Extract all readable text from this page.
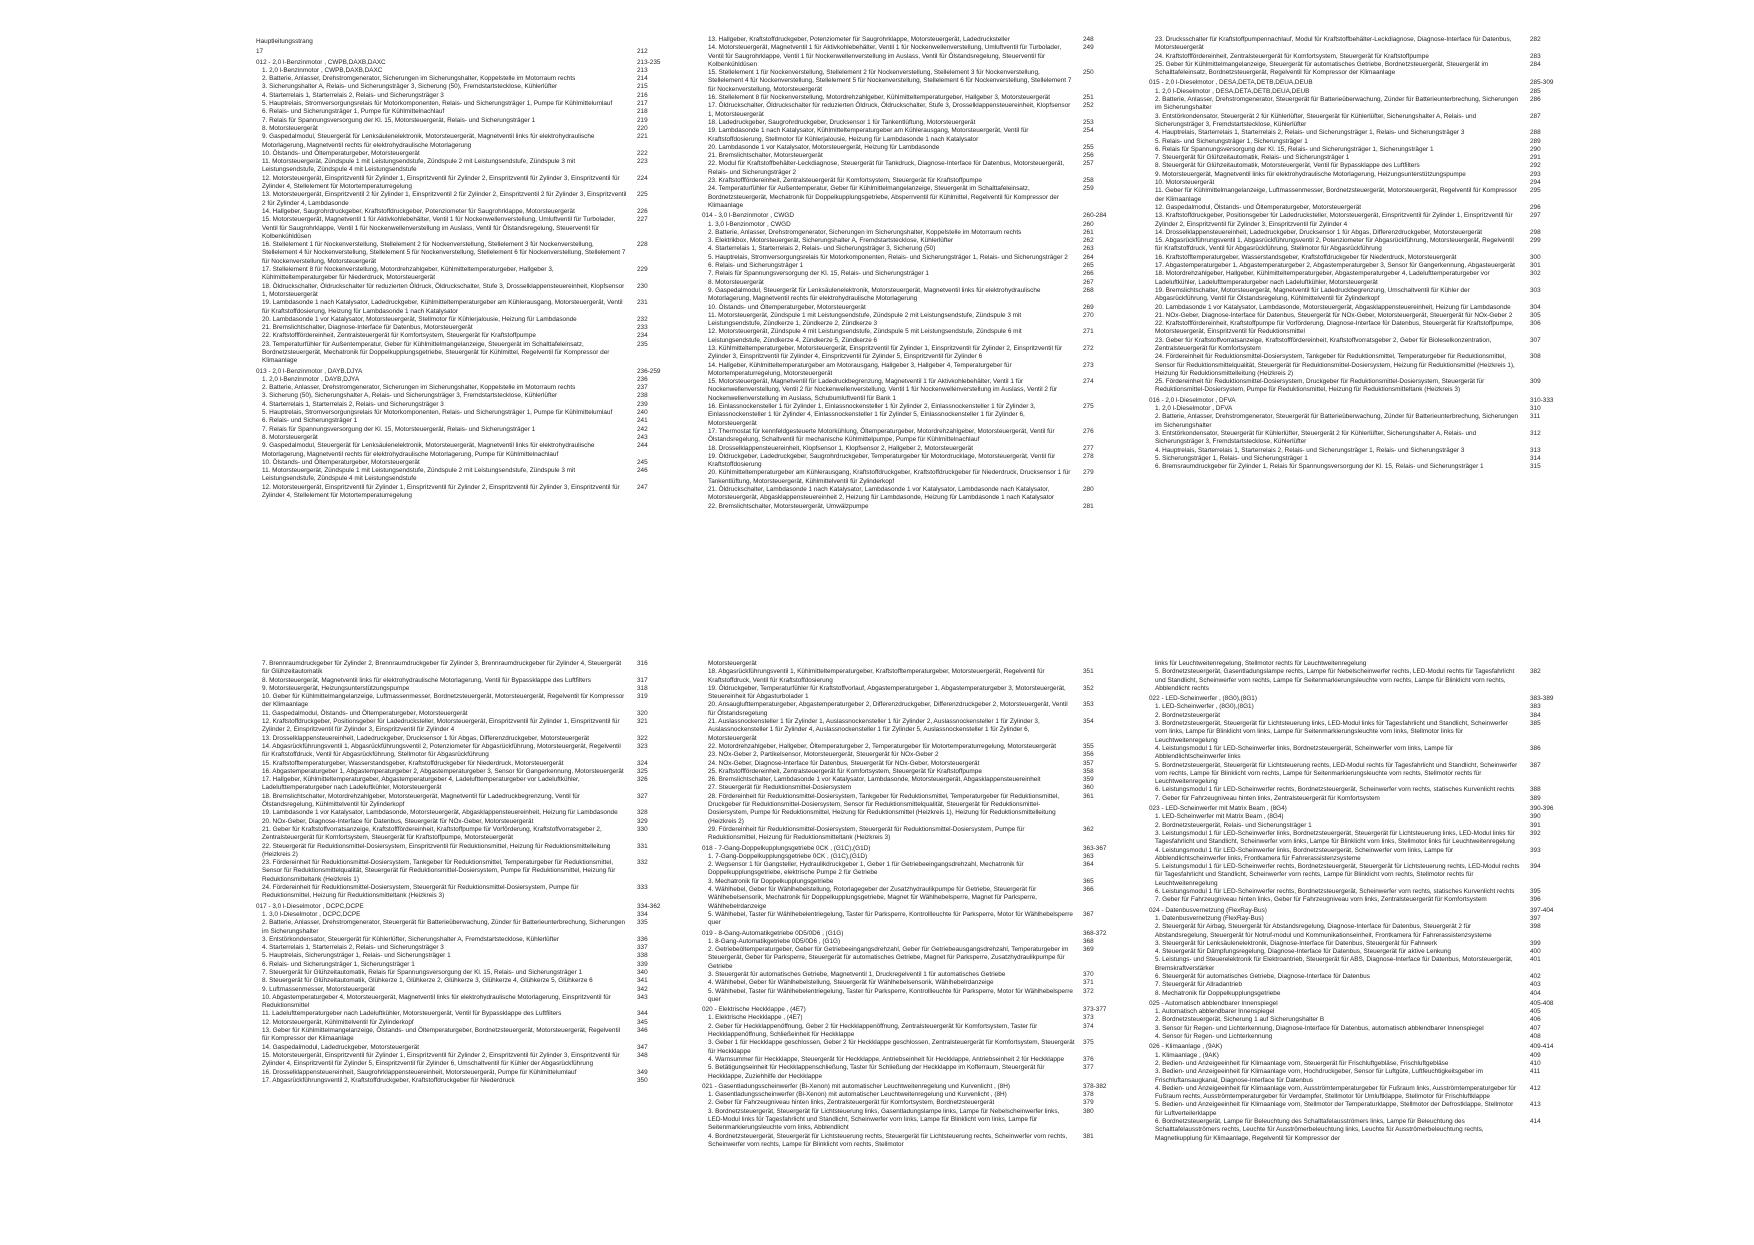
Hauptleitungsstrang
17	212
012 - 2,0 l-Benzinmotor , CWPB,DAXB,DAXC	213-235
1. 2,0 l-Benzinmotor , CWPB,DAXB,DAXC	213
2. Batterie, Anlasser, Drehstromgenerator, Sicherungen im Sicherungshalter, Koppelstelle im Motorraum rechts	214
3. Sicherungshalter A, Relais- und Sicherungsträger 3, Sicherung (50), Fremdstartstecklose, Kühlerlüfter	215
4. Starterrelais 1, Starterrelais 2, Relais- und Sicherungsträger 3	216
5. Hauptrelais, Stromversorgungsrelais für Motorkomponenten, Relais- und Sicherungsträger 1, Pumpe für Kühlmittelumlauf	217
6. Relais- und Sicherungsträger 1, Pumpe für Kühlmittelnachlauf	218
7. Relais für Spannungsversorgung der Kl. 15, Motorsteuergerät, Relais- und Sicherungsträger 1	219
8. Motorsteuergerät	220
9. Gaspedalmodul, Steuergerät für Lenksäulenelektronik, Motorsteuergerät, Magnetventil links für elektrohydraulische Motorlagerung, Magnetventil rechts für elektrohydraulische Motorlagerung
221
10. Ölstands- und Öltemperaturgeber, Motorsteuergerät	222
11. Motorsteuergerät, Zündspule 1 mit Leistungsendstufe, Zündspule 2 mit Leistungsendstufe, Zündspule 3 mit Leistungsendstufe, Zündspule 4 mit Leistungsendstufe
223
12. Motorsteuergerät, Einspritzventil für Zylinder 1, Einspritzventil für Zylinder 2, Einspritzventil für Zylinder 3, Einspritzventil für Zylinder 4, Stellelement für Motortemperaturregelung
224
13. Motorsteuergerät, Einspritzventil 2 für Zylinder 1, Einspritzventil 2 für Zylinder 2, Einspritzventil 2 für Zylinder 3, Einspritzventil 2 für Zylinder 4, Lambdasonde
225
14. Hallgeber, Saugrohrdruckgeber, Kraftstoffdruckgeber, Potenziometer für Saugrohrklappe, Motorsteuergerät	226
15. Motorsteuergerät, Magnetventil 1 für Aktivkohlebehälter, Ventil 1 für Nockenwellenverstellung, Umluftventil für Turbolader, Ventil für Saugrohrklappe, Ventil 1 für Nockenwellenverstellung im Auslass, Ventil für Ölstandsregelung, Steuerventil für Kolbenkühldüsen
227
16. Stellelement 1 für Nockenverstellung, Stellelement 2 für Nockenverstellung, Stellelement 3 für Nockenverstellung, Stellelement 4 für Nockenverstellung, Stellelement 5 für Nockenverstellung, Stellelement 6 für Nockenverstellung, Stellelement 7 für Nockenverstellung, Motorsteuergerät
228
17. Stellelement 8 für Nockenverstellung, Motordrehzahlgeber, Kühlmitteltemperaturgeber, Hallgeber 3, Kühlmitteltemperaturgeber für Niederdruck, Motorsteuergerät
229
18. Öldruckschalter, Öldruckschalter für reduzierten Öldruck, Öldruckschalter, Stufe 3, Drosselklappensteuereinheit, Klopfsensor 1, Motorsteuergerät
230
19. Lambdasonde 1 nach Katalysator, Ladedruckgeber, Kühlmitteltemperaturgeber am Kühlerausgang, Motorsteuergerät, Ventil für Kraftstoffdosierung, Heizung für Lambdasonde 1 nach Katalysator
231
20. Lambdasonde 1 vor Katalysator, Motorsteuergerät, Stellmotor für Kühlerjalousie, Heizung für Lambdasonde	232
21. Bremslichtschalter, Diagnose-Interface für Datenbus, Motorsteuergerät	233
22. Kraftstofffördereinheit, Zentralsteuergerät für Komfortsystem, Steuergerät für Kraftstoffpumpe	234
23. Temperaturfühler für Außentemperatur, Geber für Kühlmittelmangelanzeige, Steuergerät im Schalttafeleinsatz, Bordnetzsteuergerät, Mechatronik für Doppelkupplungsgetriebe, Steuergerät für Kühlmittel, Regelventil für Kompressor der Klimaanlage
235
013 - 2,0 l-Benzinmotor , DAYB,DJYA	236-259
1. 2,0 l-Benzinmotor , DAYB,DJYA	236
2. Batterie, Anlasser, Drehstromgenerator, Sicherungen im Sicherungshalter, Koppelstelle im Motorraum rechts	237
3. Sicherung (50), Sicherungshalter A, Relais- und Sicherungsträger 3, Fremdstartstecklose, Kühlerlüfter	238
4. Starterrelais 1, Starterrelais 2, Relais- und Sicherungsträger 3	239
5. Hauptrelais, Stromversorgungsrelais für Motorkomponenten, Relais- und Sicherungsträger 1, Pumpe für Kühlmittelumlauf	240
6. Relais- und Sicherungsträger 1	241
7. Relais für Spannungsversorgung der Kl. 15, Motorsteuergerät, Relais- und Sicherungsträger 1	242
8. Motorsteuergerät	243
9. Gaspedalmodul, Steuergerät für Lenksäulenelektronik, Motorsteuergerät, Magnetventil links für elektrohydraulische Motorlagerung, Magnetventil rechts für elektrohydraulische Motorlagerung, Pumpe für Kühlmittelnachlauf
244
10. Ölstands- und Öltemperaturgeber, Motorsteuergerät	245
11. Motorsteuergerät, Zündspule 1 mit Leistungsendstufe, Zündspule 2 mit Leistungsendstufe, Zündspule 3 mit Leistungsendstufe, Zündspule 4 mit Leistungsendstufe
246
12. Motorsteuergerät, Einspritzventil für Zylinder 1, Einspritzventil für Zylinder 2, Einspritzventil für Zylinder 3, Einspritzventil für Zylinder 4, Stellelement für Motortemperaturregelung
247
13. Hallgeber, Kraftstoffdruckgeber, Potenziometer für Saugrohrklappe, Motorsteuergerät, Ladedrucksteller	248
14. Motorsteuergerät, Magnetventil 1 für Aktivkohlebehälter, Ventil 1 für Nockenwellenverstellung, Umluftventil für Turbolader, Ventil für Saugrohrklappe, Ventil 1 für Nockenwellenverstellung im Auslass, Ventil für Ölstandsregelung, Steuerventil für Kolbenkühldüsen
249
15. Stellelement 1 für Nockenverstellung, Stellelement 2 für Nockenverstellung, Stellelement 3 für Nockenverstellung, Stellelement 4 für Nockenverstellung, Stellelement 5 für Nockenverstellung, Stellelement 6 für Nockenverstellung, Stellelement 7 für Nockenverstellung, Motorsteuergerät
250
16. Stellelement 8 für Nockenverstellung, Motordrehzahlgeber, Kühlmitteltemperaturgeber, Hallgeber 3, Motorsteuergerät	251
17. Öldruckschalter, Öldruckschalter für reduzierten Öldruck, Öldruckschalter, Stufe 3, Drosselklappensteuereinheit, Klopfsensor 1, Motorsteuergerät
252
18. Ladedruckgeber, Saugrohrdruckgeber, Drucksensor 1 für Tankentlüftung, Motorsteuergerät	253
19. Lambdasonde 1 nach Katalysator, Kühlmitteltemperaturgeber am Kühlerausgang, Motorsteuergerät, Ventil für Kraftstoffdosierung, Stellmotor für Kühlerjalousie, Heizung für Lambdasonde 1 nach Katalysator
254
20. Lambdasonde 1 vor Katalysator, Motorsteuergerät, Heizung für Lambdasonde	255
21. Bremslichtschalter, Motorsteuergerät	256
22. Modul für Kraftstoffbehälter-Leckdiagnose, Steuergerät für Tankdruck, Diagnose-Interface für Datenbus, Motorsteuergerät, Relais- und Sicherungsträger 2
257
23. Kraftstofffördereinheit, Zentralsteuergerät für Komfortsystem, Steuergerät für Kraftstoffpumpe	258
24. Temperaturfühler für Außentemperatur, Geber für Kühlmittelmangelanzeige, Steuergerät im Schalttafeleinsatz, Bordnetzsteuergerät, Mechatronik für Doppelkupplungsgetriebe, Absperrventil für Kühlmittel, Regelventil für Kompressor der Klimaanlage
259
014 - 3,0 l-Benzinmotor , CWGD	260-284
1. 3,0 l-Benzinmotor , CWGD	260
2. Batterie, Anlasser, Drehstromgenerator, Sicherungen im Sicherungshalter, Koppelstelle im Motorraum rechts	261
3. Elektrikbox, Motorsteuergerät, Sicherungshalter A, Fremdstartstecklose, Kühlerlüfter	262
4. Starterrelais 1, Starterrelais 2, Relais- und Sicherungsträger 3, Sicherung (50)	263
5. Hauptrelais, Stromversorgungsrelais für Motorkomponenten, Relais- und Sicherungsträger 1, Relais- und Sicherungsträger 2	264
6. Relais- und Sicherungsträger 1	265
7. Relais für Spannungsversorgung der Kl. 15, Relais- und Sicherungsträger 1	266
8. Motorsteuergerät	267
9. Gaspedalmodul, Steuergerät für Lenksäulenelektronik, Motorsteuergerät, Magnetventil links für elektrohydraulische Motorlagerung, Magnetventil rechts für elektrohydraulische Motorlagerung
268
10. Ölstands- und Öltemperaturgeber, Motorsteuergerät	269
11. Motorsteuergerät, Zündspule 1 mit Leistungsendstufe, Zündspule 2 mit Leistungsendstufe, Zündspule 3 mit Leistungsendstufe, Zündkerze 1, Zündkerze 2, Zündkerze 3
270
12. Motorsteuergerät, Zündspule 4 mit Leistungsendstufe, Zündspule 5 mit Leistungsendstufe, Zündspule 6 mit Leistungsendstufe, Zündkerze 4, Zündkerze 5, Zündkerze 6
271
13. Kühlmitteltemperaturgeber, Motorsteuergerät, Einspritzventil für Zylinder 1, Einspritzventil für Zylinder 2, Einspritzventil für Zylinder 3, Einspritzventil für Zylinder 4, Einspritzventil für Zylinder 5, Einspritzventil für Zylinder 6
272
14. Hallgeber, Kühlmitteltemperaturgeber am Motorausgang, Hallgeber 3, Hallgeber 4, Temperaturgeber für Motortemperaturregelung, Motorsteuergerät
273
15. Motorsteuergerät, Magnetventil für Ladedruckbegrenzung, Magnetventil 1 für Aktivkohlebehälter, Ventil 1 für Nockenwellenverstellung, Ventil 2 für Nockenwellenverstellung, Ventil 1 für Nockenwellenverstellung im Auslass, Ventil 2 für Nockenwellenverstellung im Auslass, Schubumluftventil für Bank 1
274
16. Einlassnockensteller 1 für Zylinder 1, Einlassnockensteller 1 für Zylinder 2, Einlassnockensteller 1 für Zylinder 3, Einlassnockensteller 1 für Zylinder 4, Einlassnockensteller 1 für Zylinder 5, Einlassnockensteller 1 für Zylinder 6, Motorsteuergerät
275
17. Thermostat für kennfeldgesteuerte Motorkühlung, Öltemperaturgeber, Motordrehzahlgeber, Motorsteuergerät, Ventil für Ölstandsregelung, Schaltventil für mechanische Kühlmittelpumpe, Pumpe für Kühlmittelnachlauf
276
18. Drosselklappensteuereinheit, Klopfsensor 1, Klopfsensor 2, Hallgeber 2, Motorsteuergerät	277
19. Öldruckgeber, Ladedruckgeber, Saugrohrdruckgeber, Temperaturgeber für Motordrucklage, Motorsteuergerät, Ventil für Kraftstoffdosierung
278
20. Kühlmitteltemperaturgeber am Kühlerausgang, Kraftstoffdruckgeber, Kraftstoffdruckgeber für Niederdruck, Drucksensor 1 für Tankentlüftung, Motorsteuergerät, Kühlmittelventil für Zylinderkopf
279
21. Öldruckschalter, Lambdasonde 1 nach Katalysator, Lambdasonde 1 vor Katalysator, Lambdasonde nach Katalysator, Motorsteuergerät, Abgasklappensteuereinheit 2, Heizung für Lambdasonde, Heizung für Lambdasonde 1 nach Katalysator
280
22. Bremslichtschalter, Motorsteuergerät, Umwälzpumpe	281
23. Drucksschalter für Kraftstoffpumpennachlauf, Modul für Kraftstoffbehälter-Leckdiagnose, Diagnose-Interface für Datenbus, Motorsteuergerät
282
24. Kraftstofffördereinheit, Zentralsteuergerät für Komfortsystem, Steuergerät für Kraftstoffpumpe	283
25. Geber für Kühlmittelmangelanzeige, Steuergerät für automatisches Getriebe, Bordnetzsteuergerät, Steuergerät im Schalttafeleinsatz, Bordnetzsteuergerät, Regelventil für Kompressor der Klimaanlage
284
015 - 2,0 l-Dieselmotor , DESA,DETA,DETB,DEUA,DEUB	285-309
1. 2,0 l-Dieselmotor , DESA,DETA,DETB,DEUA,DEUB	285
2. Batterie, Anlasser, Drehstromgenerator, Steuergerät für Batterieüberwachung, Zünder für Batterieunterbrechung, Sicherungen im Sicherungshalter
286
3. Entstörkondensator, Steuergerät 2 für Kühlerlüfter, Steuergerät für Kühlerlüfter, Sicherungshalter A, Relais- und Sicherungsträger 3, Fremdstartstecklose, Kühlerlüfter
287
4. Hauptrelais, Starterrelais 1, Starterrelais 2, Relais- und Sicherungsträger 1, Relais- und Sicherungsträger 3	288
5. Relais- und Sicherungsträger 1, Sicherungsträger 1	289
6. Relais für Spannungsversorgung der Kl. 15, Relais- und Sicherungsträger 1, Sicherungsträger 1	290
7. Steuergerät für Glühzeitautomatik, Relais- und Sicherungsträger 1	291
8. Steuergerät für Glühzeitautomatik, Motorsteuergerät, Ventil für Bypassklappe des Luftfilters	292
9. Motorsteuergerät, Magnetventil links für elektrohydraulische Motorlagerung, Heizungsunterstützungspumpe	293
10. Motorsteuergerät	294
11. Geber für Kühlmittelmangelanzeige, Luftmassenmesser, Bordnetzsteuergerät, Motorsteuergerät, Regelventil für Kompressor der Klimaanlage
295
12. Gaspedalmodul, Ölstands- und Öltemperaturgeber, Motorsteuergerät	296
13. Kraftstoffdruckgeber, Positionsgeber für Ladedrucksteller, Motorsteuergerät, Einspritzventil für Zylinder 1, Einspritzventil für Zylinder 2, Einspritzventil für Zylinder 3, Einspritzventil für Zylinder 4
297
14. Drosselklappensteuereinheit, Ladedruckgeber, Drucksensor 1 für Abgas, Differenzdruckgeber, Motorsteuergerät	298
15. Abgasrückführungsventil 1, Abgasrückführungsventil 2, Potenziometer für Abgasrückführung, Motorsteuergerät, Regelventil für Kraftstoffdruck, Ventil für Abgasrückführung, Stellmotor für Abgasrückführung
299
16. Kraftstofftemperaturgeber, Wasserstandsgeber, Kraftstoffdruckgeber für Niederdruck, Motorsteuergerät	300
17. Abgastemperaturgeber 1, Abgastemperaturgeber 2, Abgastemperaturgeber 3, Sensor für Gangerkennung, Abgasteuergerät	301
18. Motordrehzahlgeber, Hallgeber, Kühlmitteltemperaturgeber, Abgastemperaturgeber 4, Ladelufttemperaturgeber vor Ladeluftkühler, Ladelufttemperaturgeber nach Ladeluftkühler, Motorsteuergerät
302
19. Bremslichtschalter, Motorsteuergerät, Magnetventil für Ladedruckbegrenzung, Umschaltventil für Kühler der Abgasrückführung, Ventil für Ölstandsregelung, Kühlmittelventil für Zylinderkopf
303
20. Lambdasonde 1 vor Katalysator, Lambdasonde, Motorsteuergerät, Abgasklappensteuereinheit, Heizung für Lambdasonde	304
21. NOx-Geber, Diagnose-Interface für Datenbus, Steuergerät für NOx-Geber, Motorsteuergerät, Steuergerät für NOx-Geber 2	305
22. Kraftstofffördereinheit, Kraftstoffpumpe für Vorförderung, Diagnose-Interface für Datenbus, Steuergerät für Kraftstoffpumpe, Motorsteuergerät, Einspritzventil für Reduktionsmittel
306
23. Geber für Kraftstoffvorratsanzeige, Kraftstofffördereinheit, Kraftstoffvorratsgeber 2, Geber für Bioleselkonzentration, Zentralsteuergerät für Komfortsystem
307
24. Fördereinheit für Reduktionsmittel-Dosiersystem, Tankgeber für Reduktionsmittel, Temperaturgeber für Reduktionsmittel, Sensor für Reduktionsmittelqualität, Steuergerät für Reduktionsmittel-Dosiersystem, Heizung für Reduktionsmittel (Heizkreis 1), Heizung für Reduktionsmittelleitung (Heizkreis 2)
308
25. Fördereinheit für Reduktionsmittel-Dosiersystem, Druckgeber für Reduktionsmittel-Dosiersystem, Steuergerät für Reduktionsmittel-Dosiersystem, Pumpe für Reduktionsmittel, Heizung für Reduktionsmitteltank (Heizkreis 3)
309
016 - 2,0 l-Dieselmotor , DFVA	310-333
1. 2,0 l-Dieselmotor , DFVA	310
2. Batterie, Anlasser, Drehstromgenerator, Steuergerät für Batterieüberwachung, Zünder für Batterieunterbrechung, Sicherungen im Sicherungshalter
311
3. Entstörkondensator, Steuergerät für Kühlerlüfter, Steuergerät 2 für Kühlerlüfter, Sicherungshalter A, Relais- und Sicherungsträger 3, Fremdstartstecklose, Kühlerlüfter
312
4. Hauptrelais, Starterrelais 1, Starterrelais 2, Relais- und Sicherungsträger 1, Relais- und Sicherungsträger 3	313
5. Sicherungsträger 1, Relais- und Sicherungsträger 1	314
6. Bremsraumdruckgeber für Zylinder 1, Relais für Spannungsversorgung der Kl. 15, Relais- und Sicherungsträger 1	315
7. Brennraumdruckgeber für Zylinder 2, Brennraumdruckgeber für Zylinder 3, Brennraumdruckgeber für Zylinder 4, Steuergerät für Glühzeitautomatik
316
8. Motorsteuergerät, Magnetventil links für elektrohydraulische Motorlagerung, Ventil für Bypassklappe des Luftfilters	317
9. Motorsteuergerät, Heizungsunterstützungspumpe	318
10. Geber für Kühlmittelmangelanzeige, Luftmassenmesser, Bordnetzsteuergerät, Motorsteuergerät, Regelventil für Kompressor der Klimaanlage
319
11. Gaspedalmodul, Ölstands- und Öltemperaturgeber, Motorsteuergerät	320
12. Kraftstoffdruckgeber, Positionsgeber für Ladedrucksteller, Motorsteuergerät, Einspritzventil für Zylinder 1, Einspritzventil für Zylinder 2, Einspritzventil für Zylinder 3, Einspritzventil für Zylinder 4
321
13. Drosselklappensteuereinheit, Ladedruckgeber, Drucksensor 1 für Abgas, Differenzdruckgeber, Motorsteuergerät	322
14. Abgasrückführungsventil 1, Abgasrückführungsventil 2, Potenziometer für Abgasrückführung, Motorsteuergerät, Regelventil für Kraftstoffdruck, Ventil für Abgasrückführung, Stellmotor für Abgasrückführung
323
15. Kraftstofftemperaturgeber, Wasserstandsgeber, Kraftstoffdruckgeber für Niederdruck, Motorsteuergerät	324
16. Abgastemperaturgeber 1, Abgastemperaturgeber 2, Abgastemperaturgeber 3, Sensor für Gangerkennung, Motorsteuergerät	325
17. Hallgeber, Kühlmitteltemperaturgeber, Abgastemperaturgeber 4, Ladelufttemperaturgeber vor Ladeluftkühler, Ladelufttemperaturgeber nach Ladeluftkühler, Motorsteuergerät
326
18. Bremslichtschalter, Motordrehzahlgeber, Motorsteuergerät, Magnetventil für Ladedruckbegrenzung, Ventil für Ölstandsregelung, Kühlmittelventil für Zylinderkopf
327
19. Lambdasonde 1 vor Katalysator, Lambdasonde, Motorsteuergerät, Abgasklappensteuereinheit, Heizung für Lambdasonde	328
20. NOx-Geber, Diagnose-Interface für Datenbus, Steuergerät für NOx-Geber, Motorsteuergerät	329
21. Geber für Kraftstoffvorratsanzeige, Kraftstofffördereinheit, Kraftstoffpumpe für Vorförderung, Kraftstoffvorratsgeber 2, Zentralsteuergerät für Komfortsystem, Steuergerät für Kraftstoffpumpe, Motorsteuergerät
330
22. Steuergerät für Reduktionsmittel-Dosiersystem, Einspritzventil für Reduktionsmittel, Heizung für Reduktionsmittelleitung (Heizkreis 2)
331
23. Fördereinheit für Reduktionsmittel-Dosiersystem, Tankgeber für Reduktionsmittel, Temperaturgeber für Reduktionsmittel, Sensor für Reduktionsmittelqualität, Steuergerät für Reduktionsmittel-Dosiersystem, Pumpe für Reduktionsmittel, Heizung für Reduktionsmitteltank (Heizkreis 1)
332
24. Fördereinheit für Reduktionsmittel-Dosiersystem, Steuergerät für Reduktionsmittel-Dosiersystem, Pumpe für Reduktionsmittel, Heizung für Reduktionsmitteltank (Heizkreis 3)
333
017 - 3,0 l-Dieselmotor , DCPC,DCPE	334-362
1. 3,0 l-Dieselmotor , DCPC,DCPE	334
2. Batterie, Anlasser, Drehstromgenerator, Steuergerät für Batterieüberwachung, Zünder für Batterieunterbrechung, Sicherungen im Sicherungshalter
335
3. Entstörkondensator, Steuergerät für Kühlerlüfter, Sicherungshalter A, Fremdstartstecklose, Kühlerlüfter	336
4. Starterrelais 1, Starterrelais 2, Relais- und Sicherungsträger 3	337
5. Hauptrelais, Sicherungsträger 1, Relais- und Sicherungsträger 1	338
6. Relais- und Sicherungsträger 1, Sicherungsträger 1	339
7. Steuergerät für Glühzeitautomatik, Relais für Spannungsversorgung der Kl. 15, Relais- und Sicherungsträger 1	340
8. Steuergerät für Glühzeitautomatik, Glühkerze 1, Glühkerze 2, Glühkerze 3, Glühkerze 4, Glühkerze 5, Glühkerze 6	341
9. Luftmassenmesser, Motorsteuergerät	342
10. Abgastemperaturgeber 4, Motorsteuergerät, Magnetventil links für elektrohydraulische Motorlagerung, Einspritzventil für Reduktionsmittel
343
11. Ladelufttemperaturgeber nach Ladeluftkühler, Motorsteuergerät, Ventil für Bypassklappe des Luftfilters	344
12. Motorsteuergerät, Kühlmittelventil für Zylinderkopf	345
13. Geber für Kühlmittelmangelanzeige, Ölstands- und Öltemperaturgeber, Bordnetzsteuergerät, Motorsteuergerät, Regelventil für Kompressor der Klimaanlage
346
14. Gaspedalmodul, Ladedruckgeber, Motorsteuergerät	347
15. Motorsteuergerät, Einspritzventil für Zylinder 1, Einspritzventil für Zylinder 2, Einspritzventil für Zylinder 3, Einspritzventil für Zylinder 4, Einspritzventil für Zylinder 5, Einspritzventil für Zylinder 6, Umschaltventil für Kühler der Abgasrückführung
348
16. Drosselklappensteuereinheit, Saugrohrklappensteuereinheit, Motorsteuergerät, Pumpe für Kühlmittelumlauf	349
17. Abgasrückführungsventil 2, Kraftstoffdruckgeber, Kraftstoffdruckgeber für Niederdruck	350
Motorsteuergerät
18. Abgasrückführungsventil 1, Kühlmitteltemperaturgeber, Kraftstofftemperaturgeber, Motorsteuergerät, Regelventil für Kraftstoffdruck, Ventil für Kraftstoffdosierung
351
19. Öldruckgeber, Temperaturfühler für Kraftstoffvorlauf, Abgastemperaturgeber 1, Abgastemperaturgeber 3, Motorsteuergerät, Steuereinheit für Abgasturbolader 1
352
20. Ansauglufttemperaturgeber, Abgastemperaturgeber 2, Differenzdruckgeber, Differenzdruckgeber 2, Motorsteuergerät, Ventil für Ölstandsregelung
353
21. Auslassnockensteller 1 für Zylinder 1, Auslassnockensteller 1 für Zylinder 2, Auslassnockensteller 1 für Zylinder 3, Auslassnockensteller 1 für Zylinder 4, Auslassnockensteller 1 für Zylinder 5, Auslassnockensteller 1 für Zylinder 6, Motorsteuergerät
354
22. Motordrehzahlgeber, Hallgeber, Öltemperaturgeber 2, Temperaturgeber für Motortemperaturregelung, Motorsteuergerät	355
23. NOx-Geber 2, Partikelsensor, Motorsteuergerät, Steuergerät für NOx-Geber 2	356
24. NOx-Geber, Diagnose-Interface für Datenbus, Steuergerät für NOx-Geber, Motorsteuergerät	357
25. Kraftstofffördereinheit, Zentralsteuergerät für Komfortsystem, Steuergerät für Kraftstoffpumpe	358
26. Bremslichtschalter, Lambdasonde 1 vor Katalysator, Lambdasonde, Motorsteuergerät, Abgasklappensteuereinheit	359
27. Steuergerät für Reduktionsmittel-Dosiersystem	360
28. Fördereinheit für Reduktionsmittel-Dosiersystem, Tankgeber für Reduktionsmittel, Temperaturgeber für Reduktionsmittel, Druckgeber für Reduktionsmittel-Dosiersystem, Sensor für Reduktionsmittelqualität, Steuergerät für Reduktionsmittel-Dosiersystem, Pumpe für Reduktionsmittel, Heizung für Reduktionsmittel (Heizkreis 1), Heizung für Reduktionsmittelleitung (Heizkreis 2)
361
29. Fördereinheit für Reduktionsmittel-Dosiersystem, Steuergerät für Reduktionsmittel-Dosiersystem, Pumpe für Reduktionsmittel, Heizung für Reduktionsmitteltank (Heizkreis 3)
362
018 - 7-Gang-Doppelkupplungsgetriebe 0CK , (G1C),(G1D)	363-367
1. 7-Gang-Doppelkupplungsgetriebe 0CK , (G1C),(G1D)	363
2. Wegsensor 1 für Gangsteller, Hydraulikdruckgeber 1, Geber 1 für Getriebeeingangsdrehzahl, Mechatronik für Doppelkupplungsgetriebe, elektrische Pumpe 2 für Getriebe
364
3. Mechatronik für Doppelkupplungsgetriebe	365
4. Wählhebel, Geber für Wählhebelstellung, Rotorlagegeber der Zusatzhydraulikpumpe für Getriebe, Steuergerät für Wählhebelsensorik, Mechatronik für Doppelkupplungsgetriebe, Magnet für Wählhebelsperre, Magnet für Parksperre, Wählhebelrdanzeige
366
5. Wählhebel, Taster für Wählhebelentriegelung, Taster für Parksperre, Kontrollleuchte für Parksperre, Motor für Wählhebelsperre quer
367
019 - 8-Gang-Automatikgetriebe 0D5/0D6 , (G1G)	368-372
1. 8-Gang-Automatikgetriebe 0D5/0D6 , (G1G)	368
2. Getriebeöltemperaturgeber, Geber für Getriebeeingangsdrehzahl, Geber für Getriebeausgangsdrehzahl, Temperaturgeber im Steuergerät, Geber für Parksperre, Steuergerät für automatisches Getriebe, Magnet für Parksperre, Zusatzhydraulikpumpe für Getriebe
369
3. Steuergerät für automatisches Getriebe, Magnetventil 1, Druckregelventil 1 für automatisches Getriebe	370
4. Wählhebel, Geber für Wählhebelstellung, Steuergerät für Wählhebelsensorik, Wählhebelrdanzeige	371
5. Wählhebel, Taster für Wählhebelentriegelung, Taster für Parksperre, Kontrollleuchte für Parksperre, Motor für Wählhebelsperre quer
372
020 - Elektrische Heckklappe , (4E7)	373-377
1. Elektrische Heckklappe , (4E7)	373
2. Geber für Heckklappenöffnung, Geber 2 für Heckklappenöffnung, Zentralsteuergerät für Komfortsystem, Taster für Heckklappenöffnung, Schließeinheit für Heckklappe
374
3. Geber 1 für Heckklappe geschlossen, Geber 2 für Heckklappe geschlossen, Zentralsteuergerät für Komfortsystem, Steuergerät für Heckklappe
375
4. Warnsummer für Heckklappe, Steuergerät für Heckklappe, Antriebseinheit für Heckklappe, Antriebseinheit 2 für Heckklappe	376
5. Betätigungseinheit für Heckklappenschließung, Taster für Schließung der Heckklappe im Kofferraum, Steuergerät für Heckklappe, Zuziehhilfe der Heckklappe
377
021 - Gasentladungsscheinwerfer (Bi-Xenon) mit automatischer Leuchtweitenregelung und Kurvenlicht , (8H)	378-382
1. Gasentladungsscheinwerfer (Bi-Xenon) mit automatischer Leuchtweitenregelung und Kurvenlicht , (8H)	378
2. Geber für Fahrzeugniveau hinten links, Zentralsteuergerät für Komfortsystem, Bordnetzsteuergerät	379
3. Bordnetzsteuergerät, Steuergerät für Lichtsteuerung links, Gasentladungslampe links, Lampe für Nebelscheinwerfer links, LED-Modul links für Tagesfahrlicht und Standlicht, Scheinwerfer vorn links, Lampe für Blinklicht vorn links, Lampe für Seitenmarkierungsleuchte vorn links, Abblendlicht
380
4. Bordnetzsteuergerät, Steuergerät für Lichtsteuerung rechts, Steuergerät für Lichtsteuerung rechts, Scheinwerfer vorn rechts, Scheinwerfer vorn rechts, Lampe für Blinklicht vorn rechts, Stellmotor
381
links für Leuchtweitenregelung, Stellmotor rechts für Leuchtweitenregelung
5. Bordnetzsteuergerät, Gasentladungslampe rechts, Lampe für Nebelscheinwerfer rechts, LED-Modul rechts für Tagesfahrlicht und Standlicht, Scheinwerfer vorn rechts, Lampe für Seitenmarkierungsleuchte vorn rechts, Lampe für Blinklicht vorn rechts, Abblendlicht rechts
382
022 - LED-Scheinwerfer , (8G0),(8G1)	383-389
1. LED-Scheinwerfer , (8G0),(8G1)	383
2. Bordnetzsteuergerät	384
3. Bordnetzsteuergerät, Steuergerät für Lichtsteuerung links, LED-Modul links für Tagesfahrlicht und Standlicht, Scheinwerfer vorn links, Lampe für Blinklicht vorn links, Lampe für Seitenmarkierungsleuchte vorn links, Stellmotor links für Leuchtweitenregelung
385
4. Leistungsmodul 1 für LED-Scheinwerfer links, Bordnetzsteuergerät, Scheinwerfer vorn links, Lampe für Abblendlichtscheinwerfer links
386
5. Bordnetzsteuergerät, Steuergerät für Lichtsteuerung rechts, LED-Modul rechts für Tagesfahrlicht und Standlicht, Scheinwerfer vorn rechts, Lampe für Blinklicht vorn rechts, Lampe für Seitenmarkierungsleuchte vorn rechts, Stellmotor rechts für Leuchtweitenregelung
387
6. Leistungsmodul 1 für LED-Scheinwerfer rechts, Bordnetzsteuergerät, Scheinwerfer vorn rechts, statisches Kurvenlicht rechts	388
7. Geber für Fahrzeugniveau hinten links, Zentralsteuergerät für Komfortsystem	389
023 - LED-Scheinwerfer mit Matrix Beam , (8G4)	390-396
1. LED-Scheinwerfer mit Matrix Beam , (8G4)	390
2. Bordnetzsteuergerät, Relais- und Sicherungsträger 1	391
3. Leistungsmodul 1 für LED-Scheinwerfer links, Bordnetzsteuergerät, Steuergerät für Lichtsteuerung links, LED-Modul links für Tagesfahrlicht und Standlicht, Scheinwerfer vorn links, Lampe für Blinklicht vorn links, Stellmotor links für Leuchtweitenregelung
392
4. Leistungsmodul 1 für LED-Scheinwerfer links, Bordnetzsteuergerät, Scheinwerfer vorn links, Lampe für Abblendlichtscheinwerfer links, Frontkamera für Fahrerassistenzsysteme
393
5. Leistungsmodul 1 für LED-Scheinwerfer rechts, Bordnetzsteuergerät, Steuergerät für Lichtsteuerung rechts, LED-Modul rechts für Tagesfahrlicht und Standlicht, Scheinwerfer vorn rechts, Lampe für Blinklicht vorn rechts, Stellmotor rechts für Leuchtweitenregelung
394
6. Leistungsmodul 1 für LED-Scheinwerfer rechts, Bordnetzsteuergerät, Scheinwerfer vorn rechts, statisches Kurvenlicht rechts	395
7. Geber für Fahrzeugniveau hinten links, Geber für Fahrzeugniveau vorn links, Zentralsteuergerät für Komfortsystem	396
024 - Datenbusvernetzung (FlexRay-Bus)	397-404
1. Datenbusvernetzung (FlexRay-Bus)	397
2. Steuergerät für Airbag, Steuergerät für Abstandsregelung, Diagnose-Interface für Datenbus, Steuergerät 2 für Abstandsregelung, Steuergerät für Notruf-modul und Kommunikationseinheit, Frontkamera für Fahrerassistenzsysteme
398
3. Steuergerät für Lenksäulenelektronik, Diagnose-Interface für Datenbus, Steuergerät für Fahrwerk	399
4. Steuergerät für Dämpfungsregelung, Diagnose-Interface für Datenbus, Steuergerät für aktive Lenkung	400
5. Leistungs- und Steuerelektronik für Elektroantrieb, Steuergerät für ABS, Diagnose-Interface für Datenbus, Motorsteuergerät, Bremskraftverstärker
401
6. Steuergerät für automatisches Getriebe, Diagnose-Interface für Datenbus	402
7. Steuergerät für Allradantrieb	403
8. Mechatronik für Doppelkupplungsgetriebe	404
025 - Automatisch abblendbarer Innenspiegel	405-408
1. Automatisch abblendbarer Innenspiegel	405
2. Bordnetzsteuergerät, Sicherung 1 auf Sicherungshalter B	406
3. Sensor für Regen- und Lichterkennung, Diagnose-Interface für Datenbus, automatisch abblendbarer Innenspiegel	407
4. Sensor für Regen- und Lichterkennung	408
026 - Klimaanlage , (9AK)	409-414
1. Klimaanlage , (9AK)	409
2. Bedien- und Anzeigeeinheit für Klimaanlage vorn, Steuergerät für Frischluftgebläse, Frischluftgebläse	410
3. Bedien- und Anzeigeeinheit für Klimaanlage vorn, Hochdruckgeber, Sensor für Luftgüte, Luftfeuchtigkeitsgeber im Frischluftansaugkanal, Diagnose-Interface für Datenbus
411
4. Bedien- und Anzeigeeinheit für Klimaanlage vorn, Ausströmtemperaturgeber für Fußraum links, Ausströmtemperaturgeber für Fußraum rechts, Ausströmtemperaturgeber für Verdampfer, Stellmotor für Umluftklappe, Stellmotor für Frischluftklappe
412
5. Bedien- und Anzeigeeinheit für Klimaanlage vorn, Stellmotor der Temperaturklappe, Stellmotor der Defrostklappe, Stellmotor für Luftverteilerklappe
413
6. Bordnetzsteuergerät, Lampe für Beleuchtung des Schalttafelausströmers links, Lampe für Beleuchtung des Schalttafelausströmers rechts, Leuchte für Ausströmerbeleuchtung links, Leuchte für Ausströmerbeleuchtung rechts, Magnetkupplung für Klimaanlage, Regelventil für Kompressor der
414
